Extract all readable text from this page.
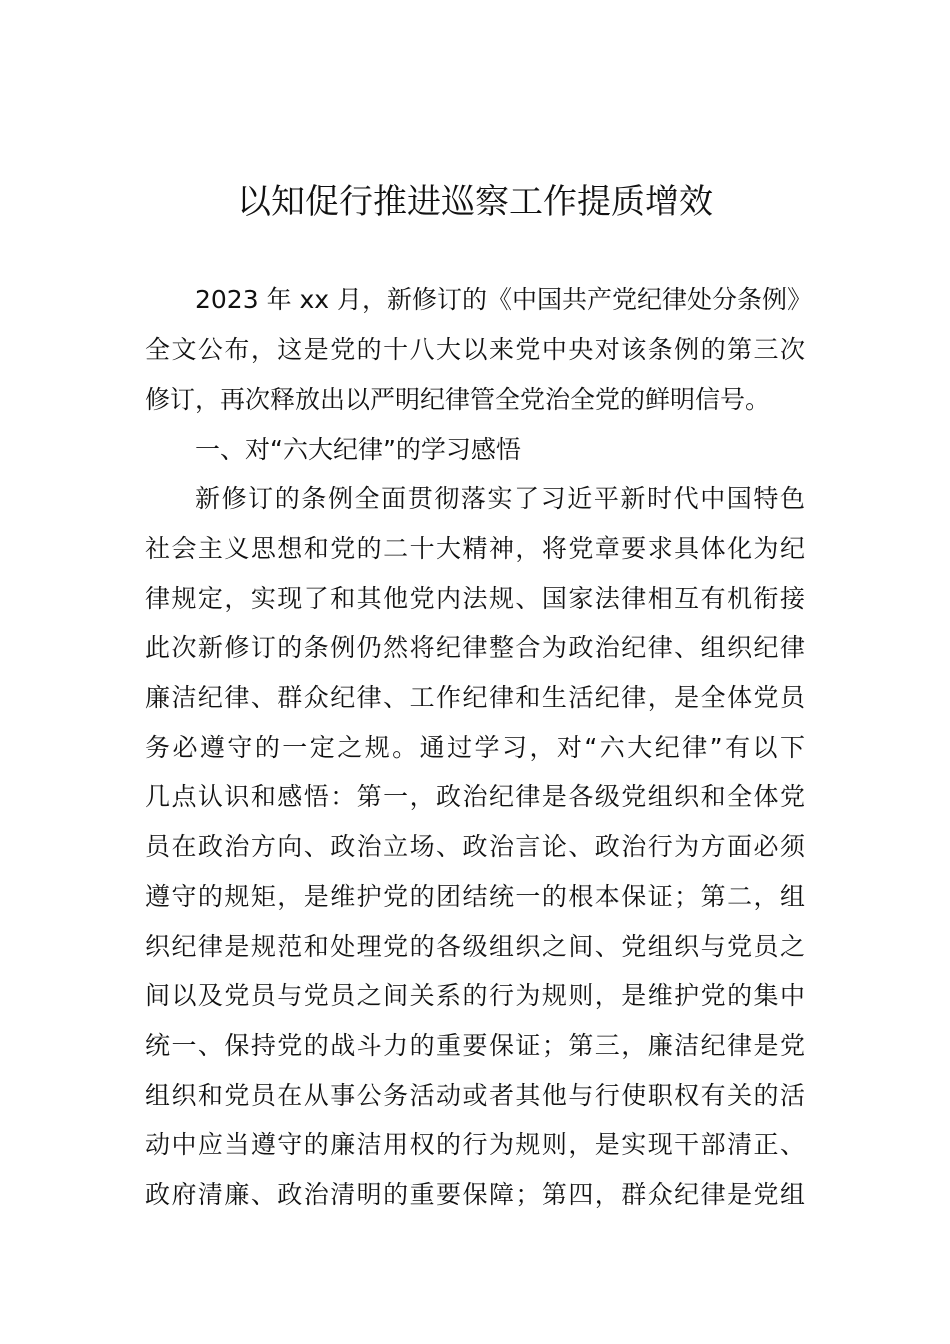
以知促行推进巡察工作提质增效
2023 年 xx 月，新修订的《中国共产党纪律处分条例》
全文公布，这是党的十八大以来党中央对该条例的第三次
修订，再次释放出以严明纪律管全党治全党的鲜明信号。
一、对“六大纪律”的学习感悟
新修订的条例全面贯彻落实了习近平新时代中国特色
社会主义思想和党的二十大精神，将党章要求具体化为纪
律规定，实现了和其他党内法规、国家法律相互有机衔接
此次新修订的条例仍然将纪律整合为政治纪律、组织纪律
廉洁纪律、群众纪律、工作纪律和生活纪律，是全体党员
务必遵守的一定之规。通过学习，对“六大纪律”有以下
几点认识和感悟：第一，政治纪律是各级党组织和全体党
员在政治方向、政治立场、政治言论、政治行为方面必须
遵守的规矩，是维护党的团结统一的根本保证；第二，组
织纪律是规范和处理党的各级组织之间、党组织与党员之
间以及党员与党员之间关系的行为规则，是维护党的集中
统一、保持党的战斗力的重要保证；第三，廉洁纪律是党
组织和党员在从事公务活动或者其他与行使职权有关的活
动中应当遵守的廉洁用权的行为规则，是实现干部清正、
政府清廉、政治清明的重要保障；第四，群众纪律是党组
